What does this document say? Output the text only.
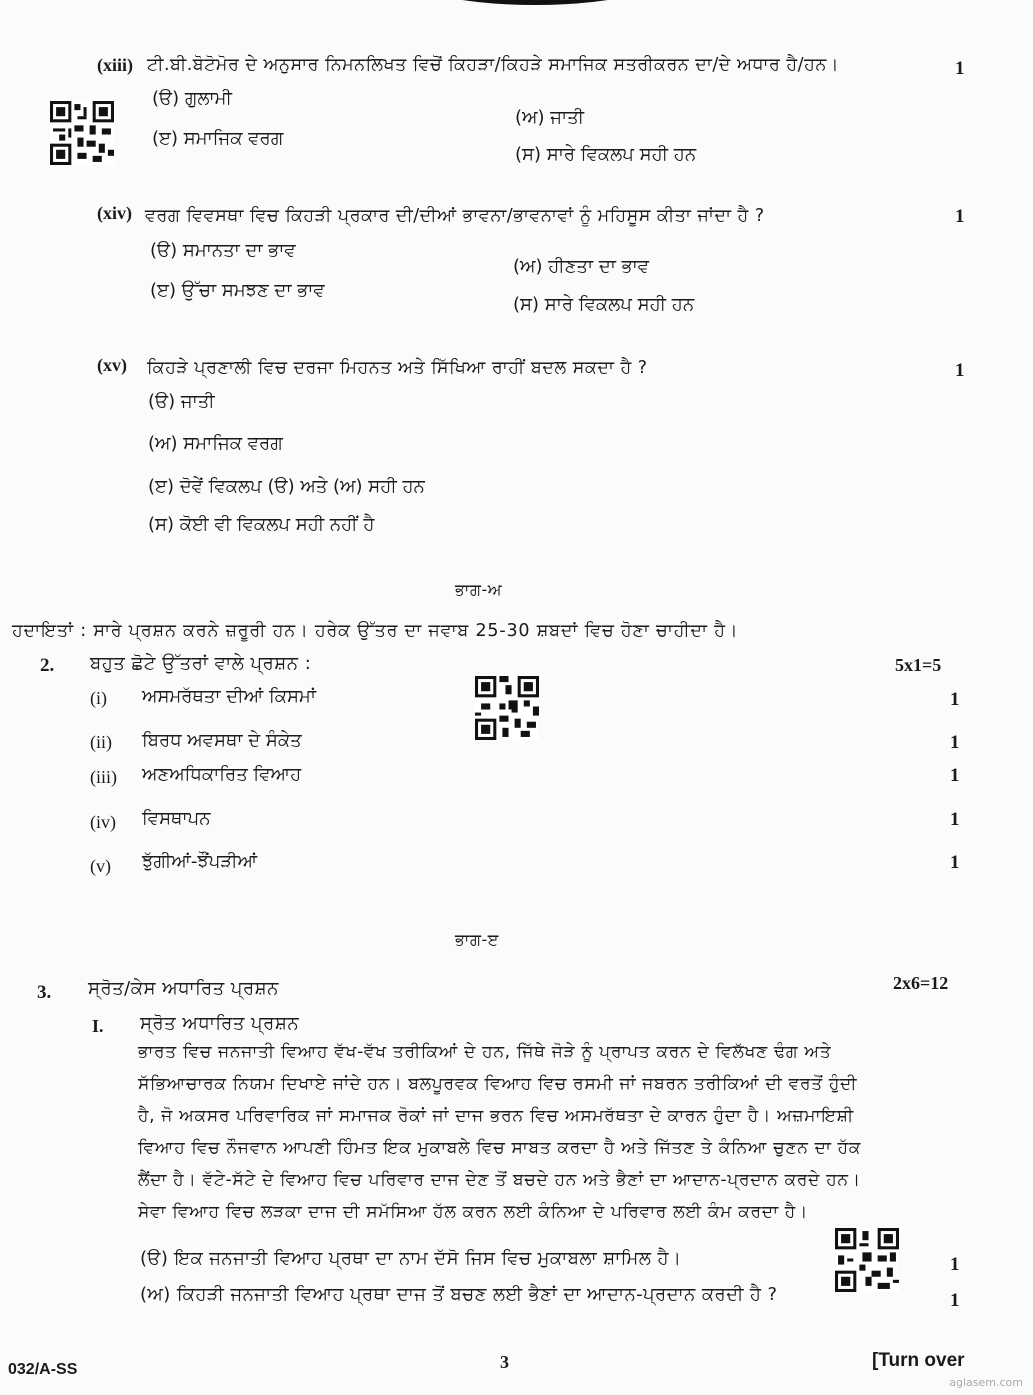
(xiii) ਟੀ.ਬੀ.ਬੋਟੋਮੋਰ ਦੇ ਅਨੁਸਾਰ ਨਿਮਨਲਿਖਤ ਵਿਚੋਂ ਕਿਹੜਾ/ਕਿਹੜੇ ਸਮਾਜਿਕ ਸਤਰੀਕਰਨ ਦਾ/ਦੇ ਅਧਾਰ ਹੈ/ਹਨ।	1
(ੳ) ਗੁਲਾਮੀ
(ਅ) ਜਾਤੀ
(ੲ) ਸਮਾਜਿਕ ਵਰਗ
(ਸ) ਸਾਰੇ ਵਿਕਲਪ ਸਹੀ ਹਨ
(xiv) ਵਰਗ ਵਿਵਸਥਾ ਵਿਚ ਕਿਹੜੀ ਪ੍ਰਕਾਰ ਦੀ/ਦੀਆਂ ਭਾਵਨਾ/ਭਾਵਨਾਵਾਂ ਨੂੰ ਮਹਿਸੂਸ ਕੀਤਾ ਜਾਂਦਾ ਹੈ ?	1
(ੳ) ਸਮਾਨਤਾ ਦਾ ਭਾਵ
(ਅ) ਹੀਣਤਾ ਦਾ ਭਾਵ
(ੲ) ਉੱਚਾ ਸਮਝਣ ਦਾ ਭਾਵ
(ਸ) ਸਾਰੇ ਵਿਕਲਪ ਸਹੀ ਹਨ
(xv) ਕਿਹੜੇ ਪ੍ਰਣਾਲੀ ਵਿਚ ਦਰਜਾ ਮਿਹਨਤ ਅਤੇ ਸਿੱਖਿਆ ਰਾਹੀਂ ਬਦਲ ਸਕਦਾ ਹੈ ?	1
(ੳ) ਜਾਤੀ
(ਅ) ਸਮਾਜਿਕ ਵਰਗ
(ੲ) ਦੋਵੇਂ ਵਿਕਲਪ (ੳ) ਅਤੇ (ਅ) ਸਹੀ ਹਨ
(ਸ) ਕੋਈ ਵੀ ਵਿਕਲਪ ਸਹੀ ਨਹੀਂ ਹੈ
ਭਾਗ-ਅ
ਹਦਾਇਤਾਂ : ਸਾਰੇ ਪ੍ਰਸ਼ਨ ਕਰਨੇ ਜ਼ਰੂਰੀ ਹਨ। ਹਰੇਕ ਉੱਤਰ ਦਾ ਜਵਾਬ 25-30 ਸ਼ਬਦਾਂ ਵਿਚ ਹੋਣਾ ਚਾਹੀਦਾ ਹੈ।
2. ਬਹੁਤ ਛੋਟੇ ਉੱਤਰਾਂ ਵਾਲੇ ਪ੍ਰਸ਼ਨ :	5x1=5
(i) ਅਸਮਰੱਥਤਾ ਦੀਆਂ ਕਿਸਮਾਂ	1
(ii) ਬਿਰਧ ਅਵਸਥਾ ਦੇ ਸੰਕੇਤ	1
(iii) ਅਣਅਧਿਕਾਰਿਤ ਵਿਆਹ	1
(iv) ਵਿਸਥਾਪਨ	1
(v) ਝੁੱਗੀਆਂ-ਝੌਂਪੜੀਆਂ	1
ਭਾਗ-ੲ
3. ਸ੍ਰੋਤ/ਕੇਸ ਅਧਾਰਿਤ ਪ੍ਰਸ਼ਨ	2x6=12
I. ਸ੍ਰੋਤ ਅਧਾਰਿਤ ਪ੍ਰਸ਼ਨ
ਭਾਰਤ ਵਿਚ ਜਨਜਾਤੀ ਵਿਆਹ ਵੱਖ-ਵੱਖ ਤਰੀਕਿਆਂ ਦੇ ਹਨ, ਜਿੱਥੇ ਜੋੜੇ ਨੂੰ ਪ੍ਰਾਪਤ ਕਰਨ ਦੇ ਵਿਲੱਖਣ ਢੰਗ ਅਤੇ
ਸੱਭਿਆਚਾਰਕ ਨਿਯਮ ਦਿਖਾਏ ਜਾਂਦੇ ਹਨ। ਬਲਪੂਰਵਕ ਵਿਆਹ ਵਿਚ ਰਸਮੀ ਜਾਂ ਜਬਰਨ ਤਰੀਕਿਆਂ ਦੀ ਵਰਤੋਂ ਹੁੰਦੀ
ਹੈ, ਜੋ ਅਕਸਰ ਪਰਿਵਾਰਿਕ ਜਾਂ ਸਮਾਜਕ ਰੋਕਾਂ ਜਾਂ ਦਾਜ ਭਰਨ ਵਿਚ ਅਸਮਰੱਥਤਾ ਦੇ ਕਾਰਨ ਹੁੰਦਾ ਹੈ। ਅਜ਼ਮਾਇਸ਼ੀ
ਵਿਆਹ ਵਿਚ ਨੌਜਵਾਨ ਆਪਣੀ ਹਿੰਮਤ ਇਕ ਮੁਕਾਬਲੇ ਵਿਚ ਸਾਬਤ ਕਰਦਾ ਹੈ ਅਤੇ ਜਿੱਤਣ ਤੇ ਕੰਨਿਆ ਚੁਣਨ ਦਾ ਹੱਕ
ਲੈਂਦਾ ਹੈ। ਵੱਟੇ-ਸੱਟੇ ਦੇ ਵਿਆਹ ਵਿਚ ਪਰਿਵਾਰ ਦਾਜ ਦੇਣ ਤੋਂ ਬਚਦੇ ਹਨ ਅਤੇ ਭੈਣਾਂ ਦਾ ਆਦਾਨ-ਪ੍ਰਦਾਨ ਕਰਦੇ ਹਨ।
ਸੇਵਾ ਵਿਆਹ ਵਿਚ ਲੜਕਾ ਦਾਜ ਦੀ ਸਮੱਸਿਆ ਹੱਲ ਕਰਨ ਲਈ ਕੰਨਿਆ ਦੇ ਪਰਿਵਾਰ ਲਈ ਕੰਮ ਕਰਦਾ ਹੈ।
(ੳ) ਇਕ ਜਨਜਾਤੀ ਵਿਆਹ ਪ੍ਰਥਾ ਦਾ ਨਾਮ ਦੱਸੋ ਜਿਸ ਵਿਚ ਮੁਕਾਬਲਾ ਸ਼ਾਮਿਲ ਹੈ।	1
(ਅ) ਕਿਹੜੀ ਜਨਜਾਤੀ ਵਿਆਹ ਪ੍ਰਥਾ ਦਾਜ ਤੋਂ ਬਚਣ ਲਈ ਭੈਣਾਂ ਦਾ ਆਦਾਨ-ਪ੍ਰਦਾਨ ਕਰਦੀ ਹੈ ?	1
032/A-SS	3	[Turn over
aglasem.com
